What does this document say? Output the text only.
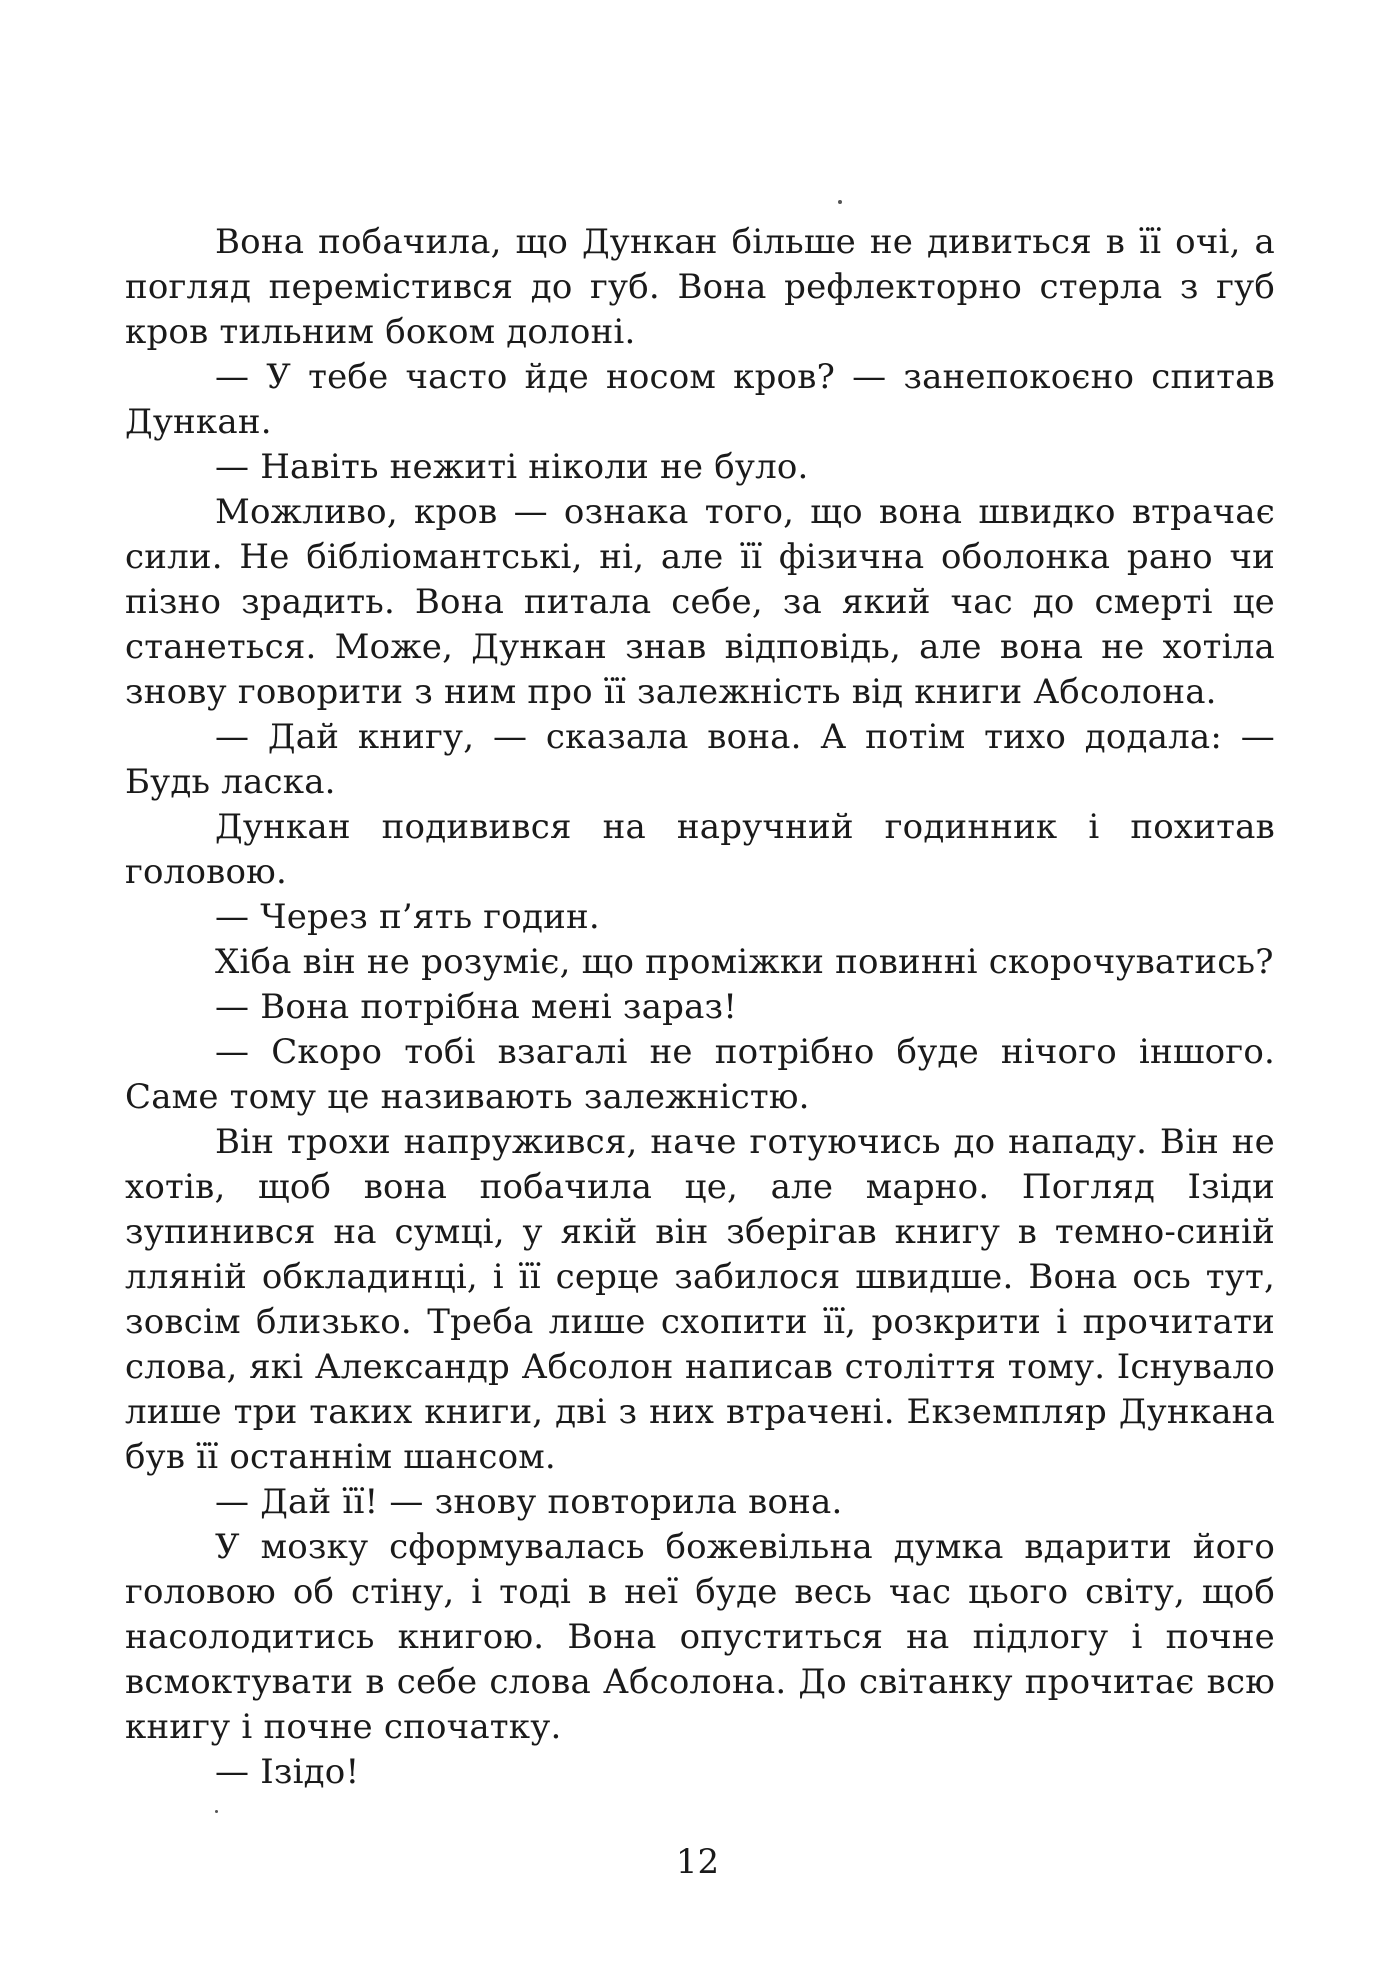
Вона побачила, що Дункан більше не дивиться в її очі, а погляд перемістився до губ. Вона рефлекторно стерла з губ кров тильним боком долоні.

— У тебе часто йде носом кров? — занепокоєно спитав Дункан.

— Навіть нежиті ніколи не було.

Можливо, кров — ознака того, що вона швидко втрачає сили. Не бібліомантські, ні, але її фізична оболонка рано чи пізно зрадить. Вона питала себе, за який час до смерті це станеться. Може, Дункан знав відповідь, але вона не хотіла знову говорити з ним про її залежність від книги Абсолона.

— Дай книгу, — сказала вона. А потім тихо додала: — Будь ласка.

Дункан подивився на наручний годинник і похитав головою.

— Через п’ять годин.

Хіба він не розуміє, що проміжки повинні скорочуватись?

— Вона потрібна мені зараз!

— Скоро тобі взагалі не потрібно буде нічого іншого. Саме тому це називають залежністю.

Він трохи напружився, наче готуючись до нападу. Він не хотів, щоб вона побачила це, але марно. Погляд Ізіди зупинився на сумці, у якій він зберігав книгу в темно-синій лляній обкладинці, і її серце забилося швидше. Вона ось тут, зовсім близько. Треба лише схопити її, розкрити і прочитати слова, які Александр Абсолон написав століття тому. Існувало лише три таких книги, дві з них втрачені. Екземпляр Дункана був її останнім шансом.

— Дай її! — знову повторила вона.

У мозку сформувалась божевільна думка вдарити його головою об стіну, і тоді в неї буде весь час цього світу, щоб насолодитись книгою. Вона опуститься на підлогу і почне всмоктувати в себе слова Абсолона. До світанку прочитає всю книгу і почне спочатку.

— Ізідо!

12
